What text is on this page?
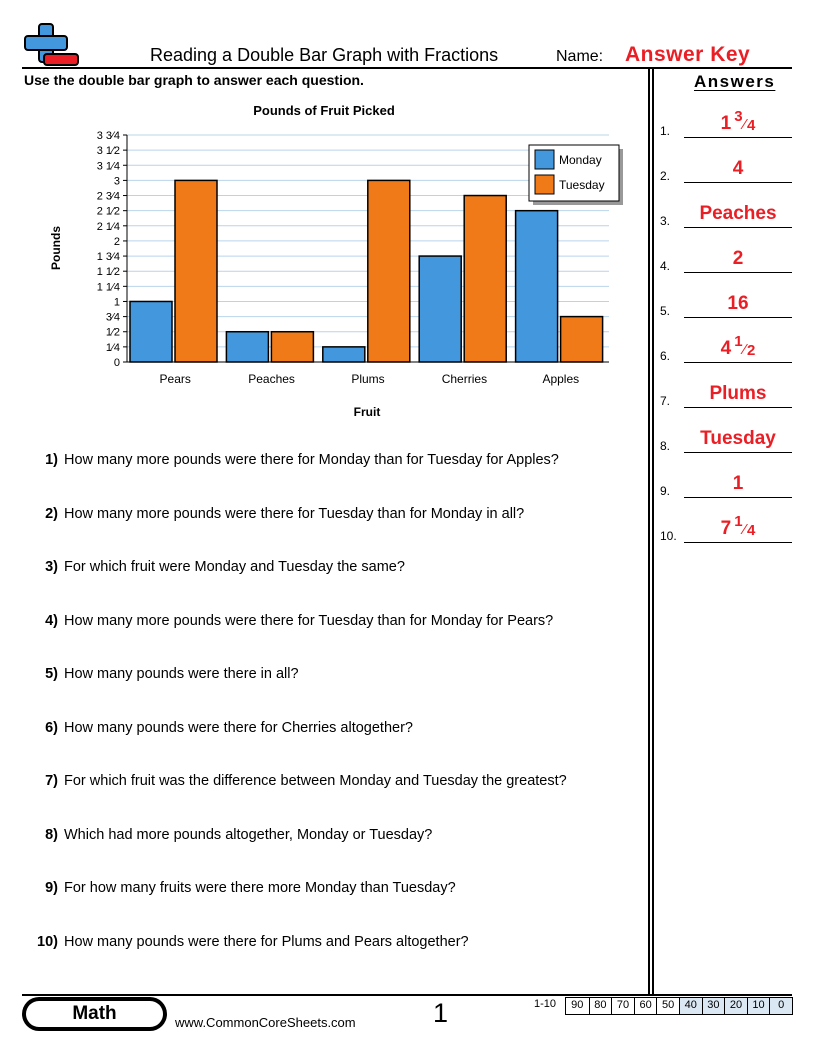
Reading a Double Bar Graph with Fractions	Name: Answer Key
Use the double bar graph to answer each question.
0
1⁄4
1⁄2
3⁄4
1
1 1⁄4
1 1⁄2
1 3⁄4
2
2 1⁄4
2 1⁄2
2 3⁄4
3
3 1⁄4
3 1⁄2
3 3⁄4
Pears	Peaches	Plums	Cherries	Apples
Pounds of Fruit Picked
Fruit
Pounds
Monday
Tuesday
1) How many more pounds were there for Monday than for Tuesday for Apples?
2) How many more pounds were there for Tuesday than for Monday in all?
3) For which fruit were Monday and Tuesday the same?
4) How many more pounds were there for Tuesday than for Monday for Pears?
5) How many pounds were there in all?
6) How many pounds were there for Cherries altogether?
7) For which fruit was the difference between Monday and Tuesday the greatest?
8) Which had more pounds altogether, Monday or Tuesday?
9) For how many fruits were there more Monday than Tuesday?
10) How many pounds were there for Plums and Pears altogether?
Answers
1.	1 $^3$⁄4
2.	4
3.	Peaches
4.	2
5.	16
6.	4 $^1$⁄2
7.	Plums
8.	Tuesday
9.	1
10.	7 $^1$⁄4
Math	www.CommonCoreSheets.com	1	1-10	90 80 70 60 50 40 30 20 10	0
